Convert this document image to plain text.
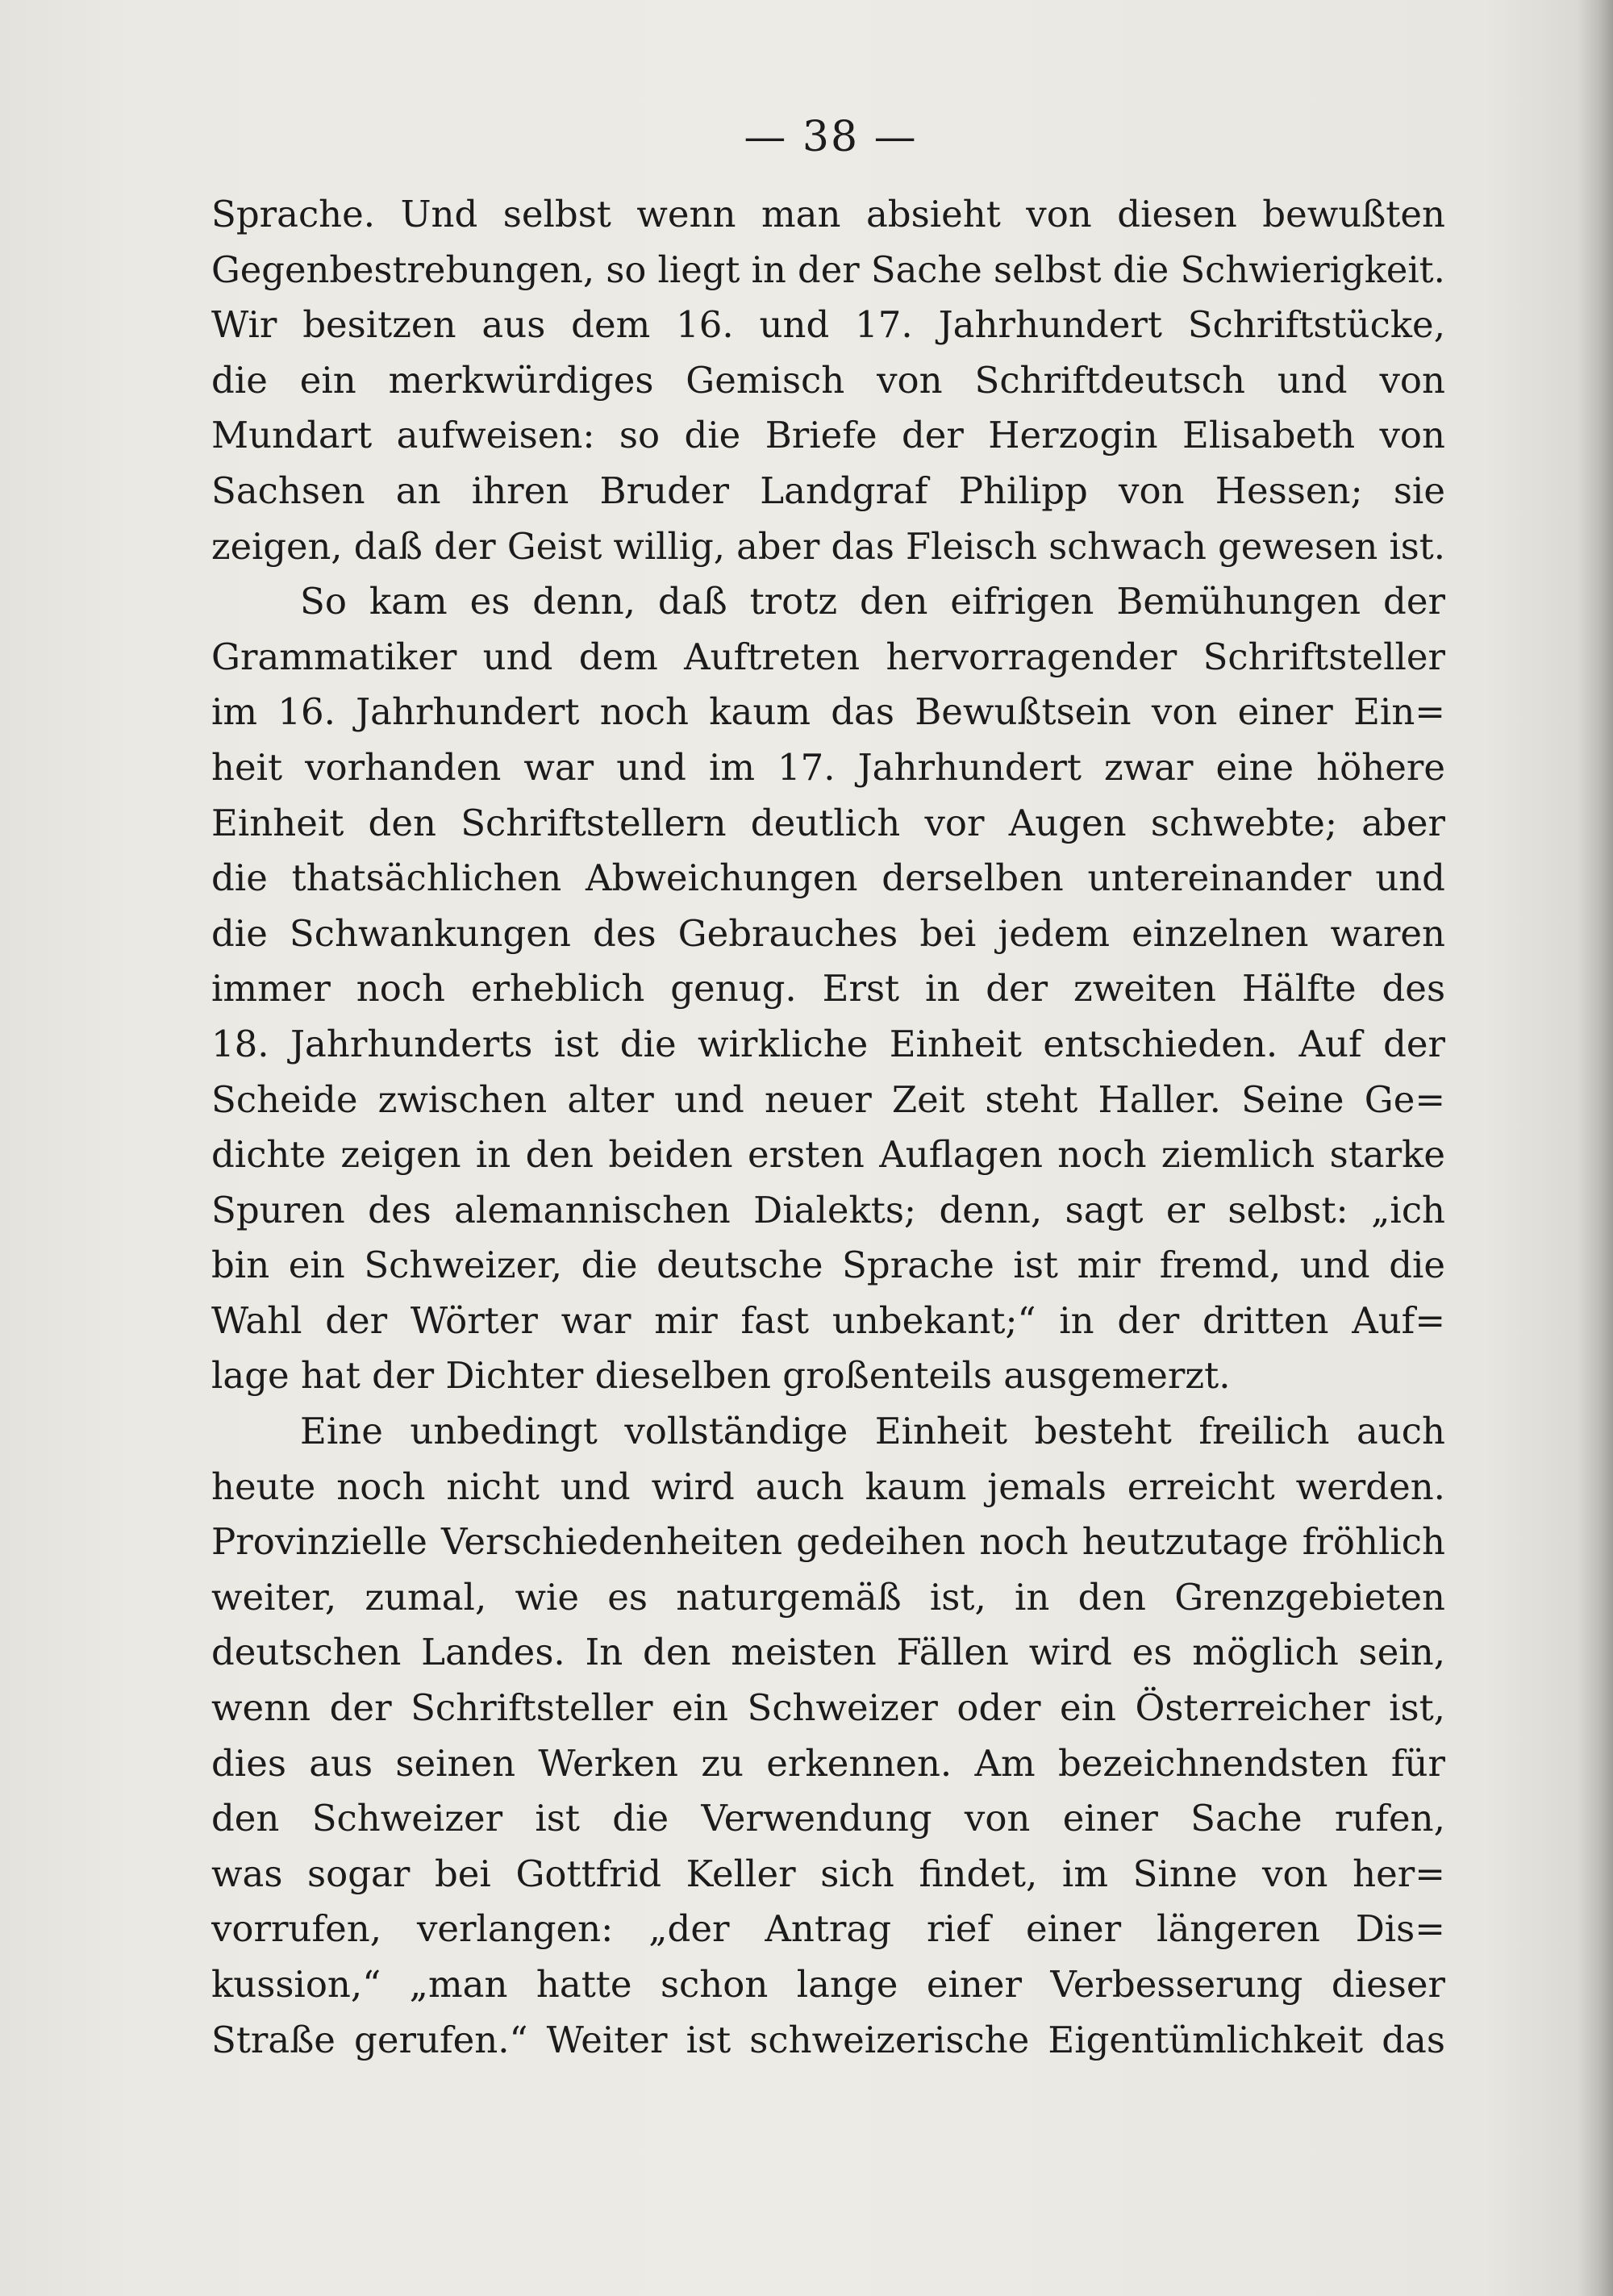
— 38 —
Sprache. Und selbst wenn man absieht von diesen bewußten
Gegenbestrebungen, so liegt in der Sache selbst die Schwierigkeit.
Wir besitzen aus dem 16. und 17. Jahrhundert Schriftstücke,
die ein merkwürdiges Gemisch von Schriftdeutsch und von
Mundart aufweisen: so die Briefe der Herzogin Elisabeth von
Sachsen an ihren Bruder Landgraf Philipp von Hessen; sie
zeigen, daß der Geist willig, aber das Fleisch schwach gewesen ist.
So kam es denn, daß trotz den eifrigen Bemühungen der
Grammatiker und dem Auftreten hervorragender Schriftsteller
im 16. Jahrhundert noch kaum das Bewußtsein von einer Ein=
heit vorhanden war und im 17. Jahrhundert zwar eine höhere
Einheit den Schriftstellern deutlich vor Augen schwebte; aber
die thatsächlichen Abweichungen derselben untereinander und
die Schwankungen des Gebrauches bei jedem einzelnen waren
immer noch erheblich genug. Erst in der zweiten Hälfte des
18. Jahrhunderts ist die wirkliche Einheit entschieden. Auf der
Scheide zwischen alter und neuer Zeit steht Haller. Seine Ge=
dichte zeigen in den beiden ersten Auflagen noch ziemlich starke
Spuren des alemannischen Dialekts; denn, sagt er selbst: „ich
bin ein Schweizer, die deutsche Sprache ist mir fremd, und die
Wahl der Wörter war mir fast unbekant;“ in der dritten Auf=
lage hat der Dichter dieselben großenteils ausgemerzt.
Eine unbedingt vollständige Einheit besteht freilich auch
heute noch nicht und wird auch kaum jemals erreicht werden.
Provinzielle Verschiedenheiten gedeihen noch heutzutage fröhlich
weiter, zumal, wie es naturgemäß ist, in den Grenzgebieten
deutschen Landes. In den meisten Fällen wird es möglich sein,
wenn der Schriftsteller ein Schweizer oder ein Österreicher ist,
dies aus seinen Werken zu erkennen. Am bezeichnendsten für
den Schweizer ist die Verwendung von einer Sache rufen,
was sogar bei Gottfrid Keller sich findet, im Sinne von her=
vorrufen, verlangen: „der Antrag rief einer längeren Dis=
kussion,“ „man hatte schon lange einer Verbesserung dieser
Straße gerufen.“ Weiter ist schweizerische Eigentümlichkeit das
